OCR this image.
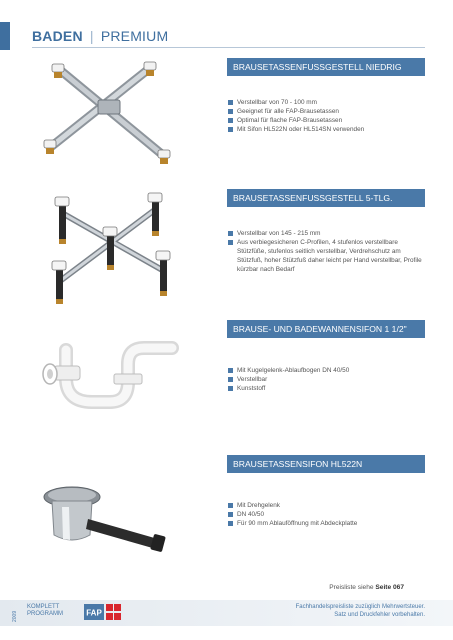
BADEN | PREMIUM
BRAUSETASSENFUSSGESTELL NIEDRIG
Verstellbar von 70 - 100 mm
Geeignet für alle FAP-Brausetassen
Optimal für flache FAP-Brausetassen
Mit Sifon HL522N oder HL514SN verwenden
BRAUSETASSENFUSSGESTELL 5-TLG.
Verstellbar von 145 - 215 mm
Aus verbiegesicheren C-Profilen, 4 stufenlos verstellbare Stützfüße, stufenlos seitlich verstellbar, Verdrehschutz am Stützfuß, hoher Stützfuß daher leicht per Hand verstellbar, Profile kürzbar nach Bedarf
BRAUSE- UND BADEWANNENSIFON 1 1/2"
Mit Kugelgelenk-Ablaufbogen DN 40/50
Verstellbar
Kunststoff
BRAUSETASSENSIFON HL522N
Mit Drehgelenk
DN 40/50
Für 90 mm Ablauföffnung mit Abdeckplatte
Preisliste siehe Seite 067
2009
KOMPLETT
PROGRAMM	FAP
Fachhandelspreisliste zuzüglich Mehrwertsteuer.
Satz und Druckfehler vorbehalten.
